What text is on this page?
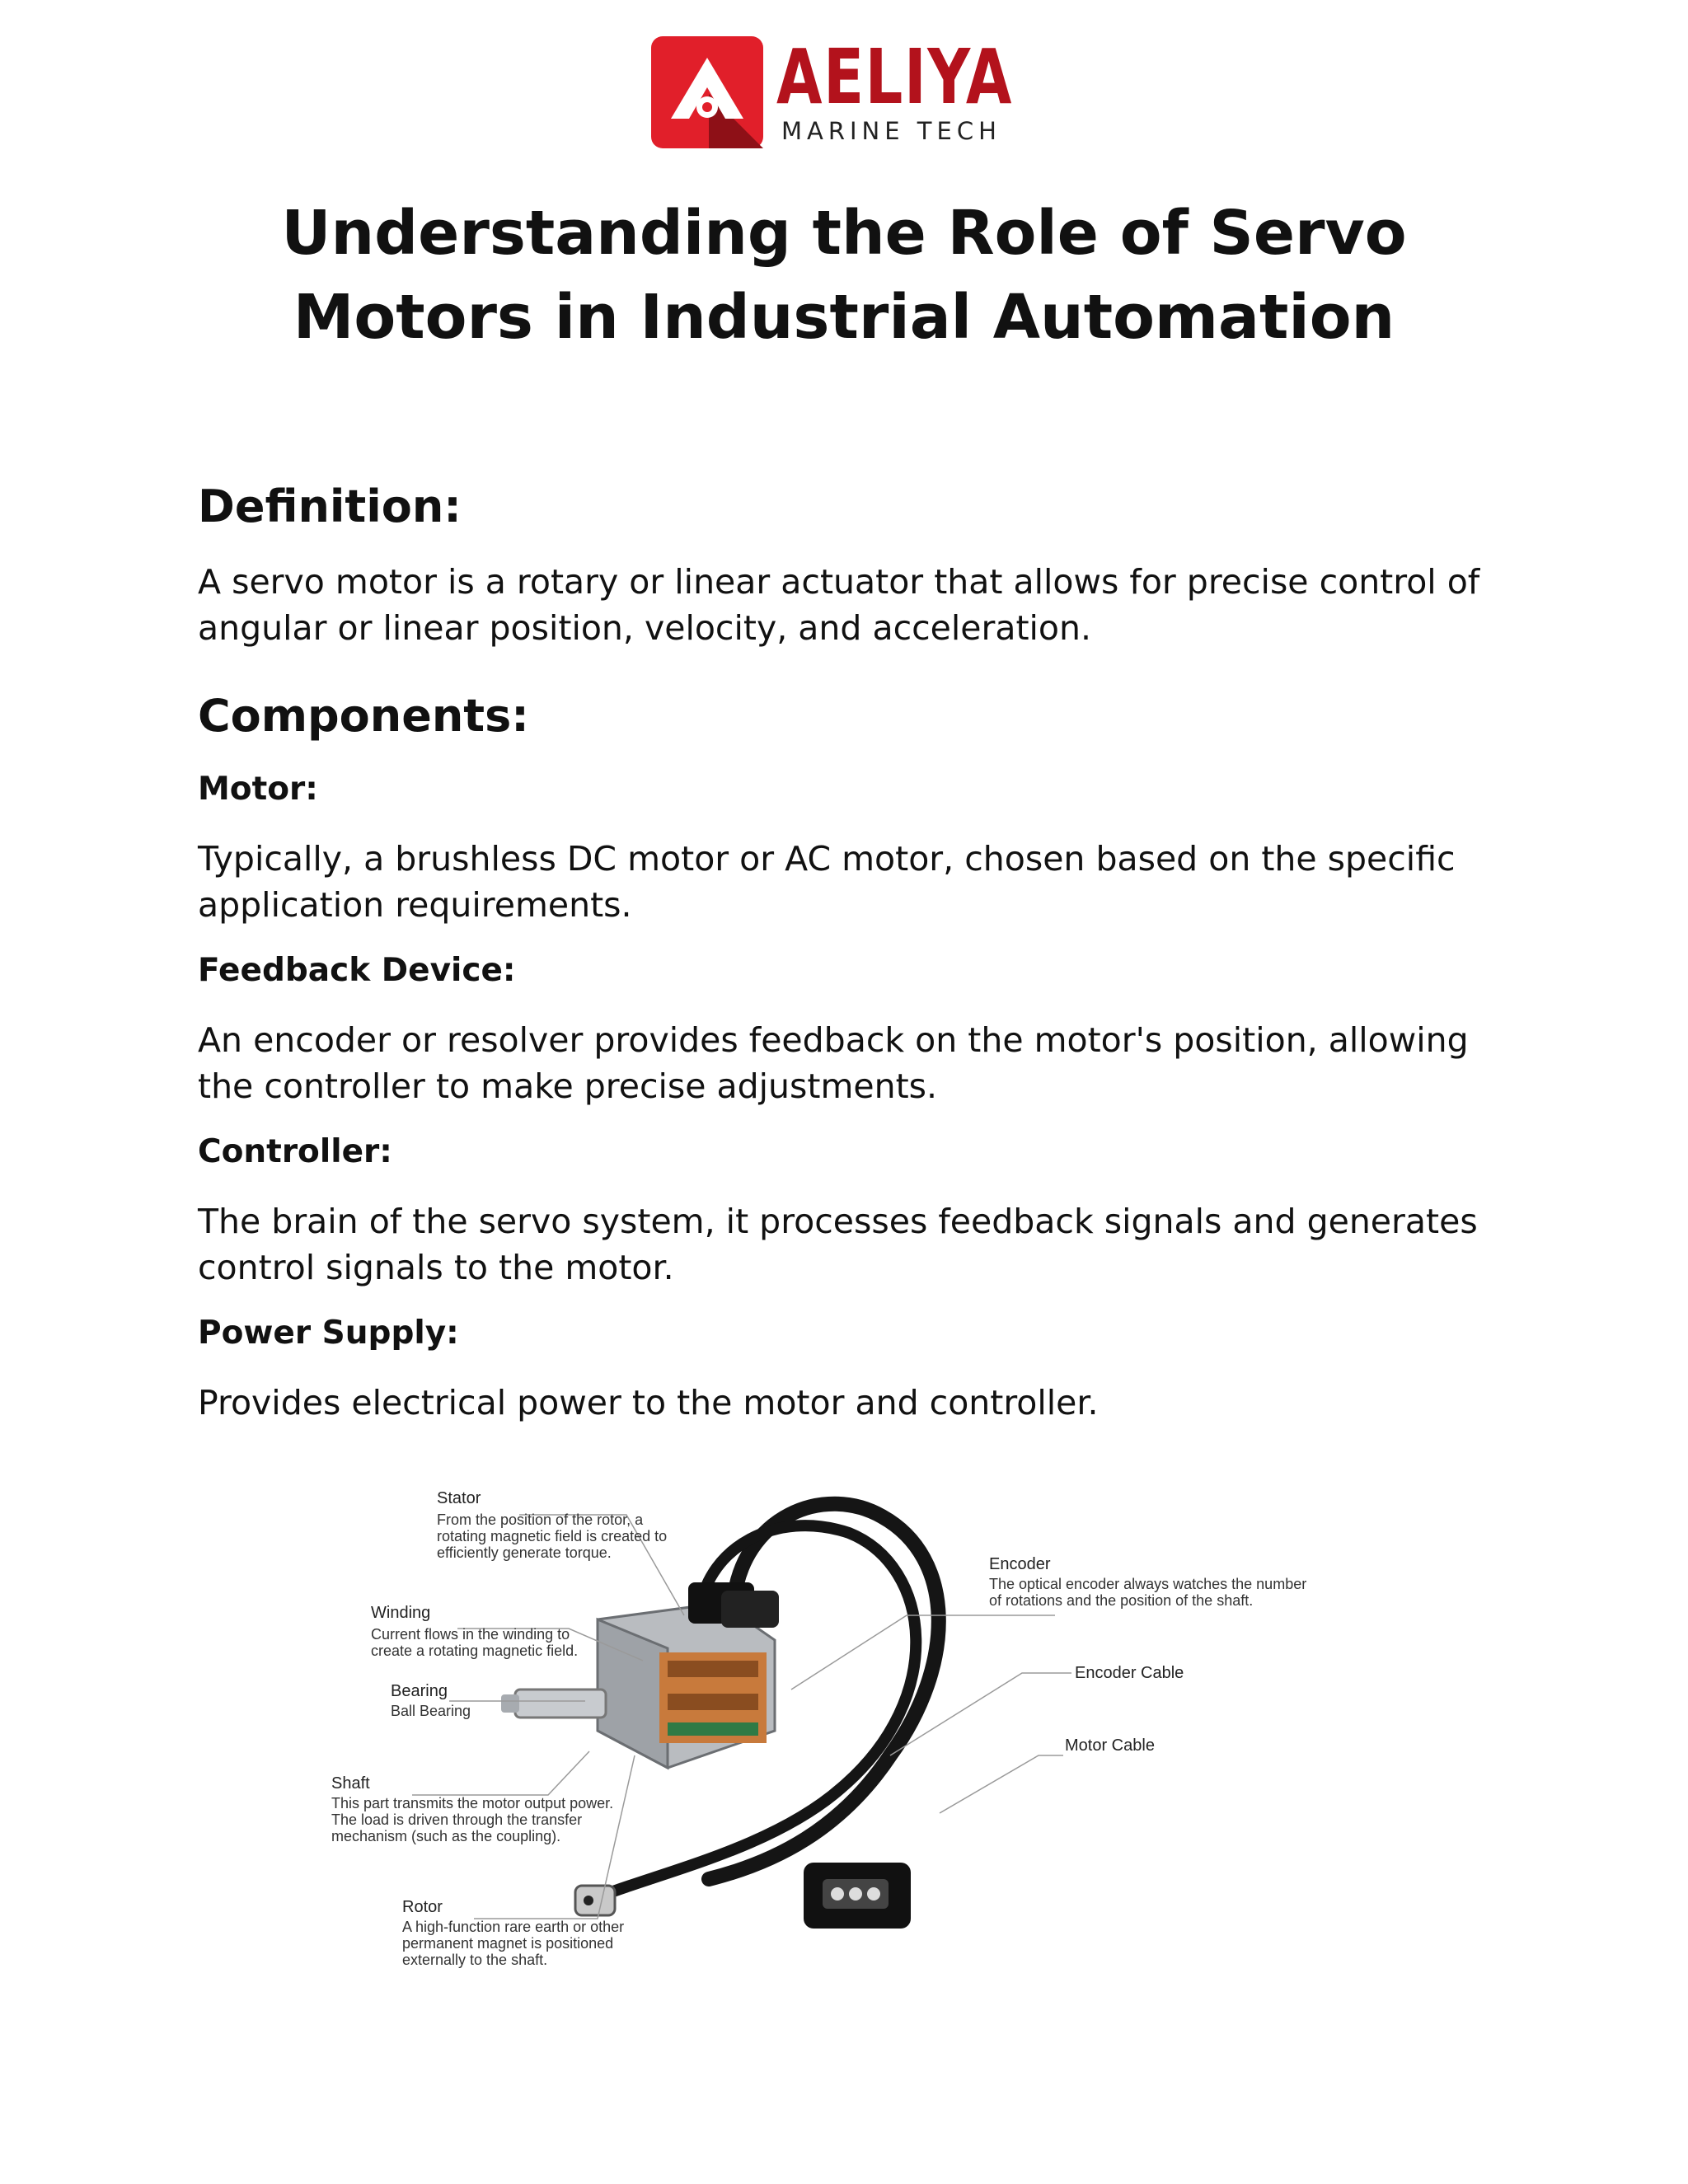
AELIYA
MARINE TECH
Understanding the Role of Servo Motors in Industrial Automation
Definition:
A servo motor is a rotary or linear actuator that allows for precise control of angular or linear position, velocity, and acceleration.
Components:
Motor:
Typically, a brushless DC motor or AC motor, chosen based on the specific application requirements.
Feedback Device:
An encoder or resolver provides feedback on the motor's position, allowing the controller to make precise adjustments.
Controller:
The brain of the servo system, it processes feedback signals and generates control signals to the motor.
Power Supply:
Provides electrical power to the motor and controller.
Stator
From the position of the rotor, a
rotating magnetic field is created to
efficiently generate torque.
Winding
Current flows in the winding to
create a rotating magnetic field.
Bearing
Ball Bearing
Shaft
This part transmits the motor output power.
The load is driven through the transfer
mechanism (such as the coupling).
Rotor
A high-function rare earth or other
permanent magnet is positioned
externally to the shaft.
Encoder
The optical encoder always watches the number
of rotations and the position of the shaft.
Encoder Cable
Motor Cable
